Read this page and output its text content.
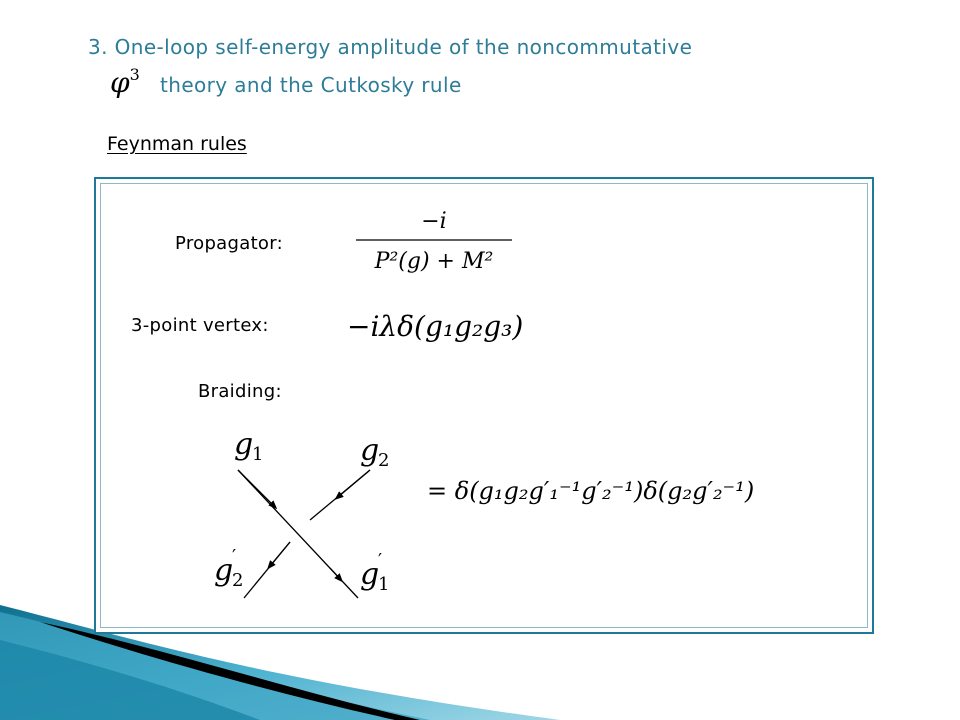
3. One-loop self-energy amplitude of the noncommutative
$\varphi^3$ theory and the Cutkosky rule
Feynman rules
Propagator:
3-point vertex:
Braiding:
−i
P²(g) + M²
−iλδ(g₁g₂g₃)
g
1	g
2
g
′
2	g
′
1
= δ(g₁g₂g′₁⁻¹g′₂⁻¹)δ(g₂g′₂⁻¹)
